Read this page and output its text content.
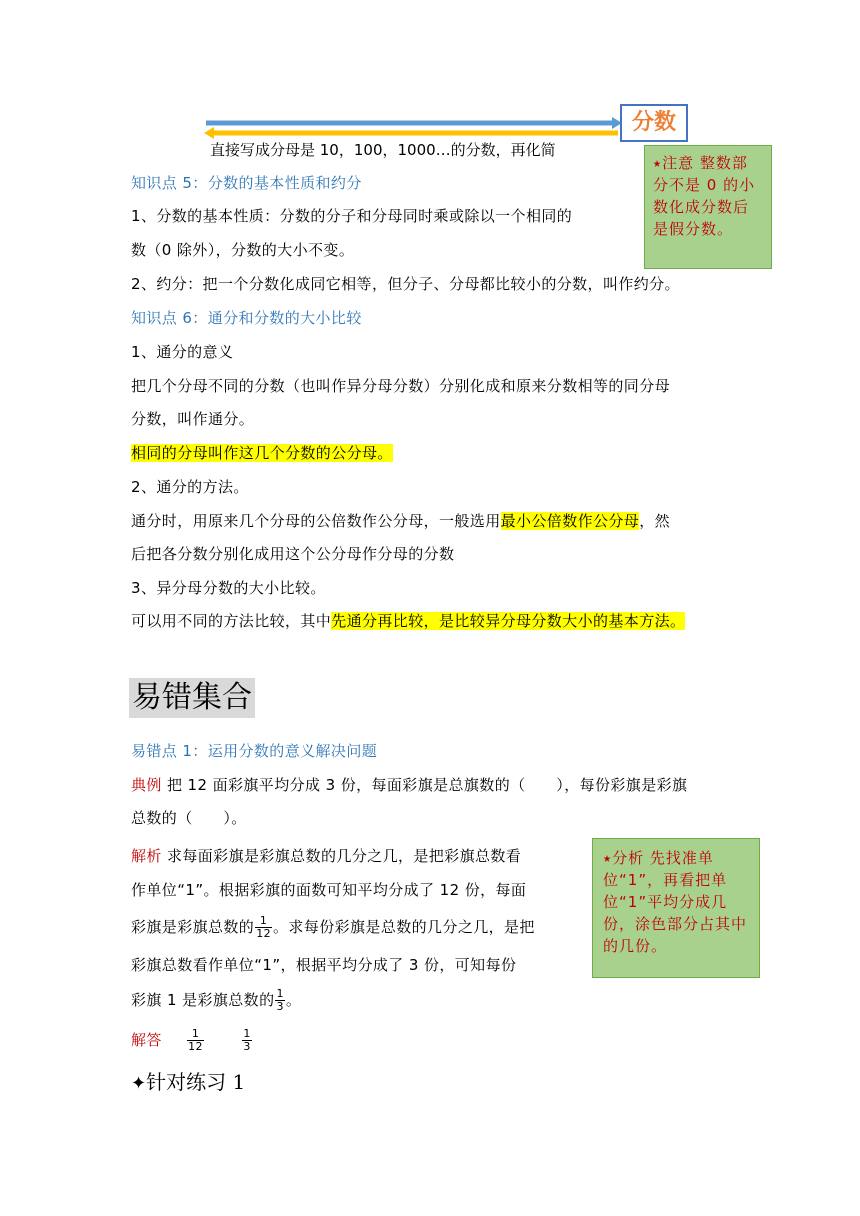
分数
直接写成分母是 10，100，1000…的分数，再化简
⭑注意 整数部分不是 0 的小数化成分数后是假分数。
知识点 5：分数的基本性质和约分
1、分数的基本性质：分数的分子和分母同时乘或除以一个相同的
数（0 除外），分数的大小不变。
2、约分：把一个分数化成同它相等，但分子、分母都比较小的分数，叫作约分。
知识点 6：通分和分数的大小比较
1、通分的意义
把几个分母不同的分数（也叫作异分母分数）分别化成和原来分数相等的同分母
分数，叫作通分。
相同的分母叫作这几个分数的公分母。
2、通分的方法。
通分时，用原来几个分母的公倍数作公分母，一般选用最小公倍数作公分母，然
后把各分数分别化成用这个公分母作分母的分数
3、异分母分数的大小比较。
可以用不同的方法比较，其中先通分再比较，是比较异分母分数大小的基本方法。
易错集合
易错点 1：运用分数的意义解决问题
典例 把 12 面彩旗平均分成 3 份，每面彩旗是总旗数的（　　），每份彩旗是彩旗
总数的（　　）。
解析 求每面彩旗是彩旗总数的几分之几，是把彩旗总数看
作单位“1”。根据彩旗的面数可知平均分成了 12 份，每面
彩旗是彩旗总数的 $\frac{1}{12}$ 。求每份彩旗是总数的几分之几，是把
彩旗总数看作单位“1”，根据平均分成了 3 份，可知每份
彩旗 1 是彩旗总数的 $\frac{1}{3}$ 。
解答 $\frac{1}{12}$
	$\frac{1}{3}$
⭑分析 先找准单位“1”，再看把单位“1”平均分成几份，涂色部分占其中的几份。
✦针对练习 1
